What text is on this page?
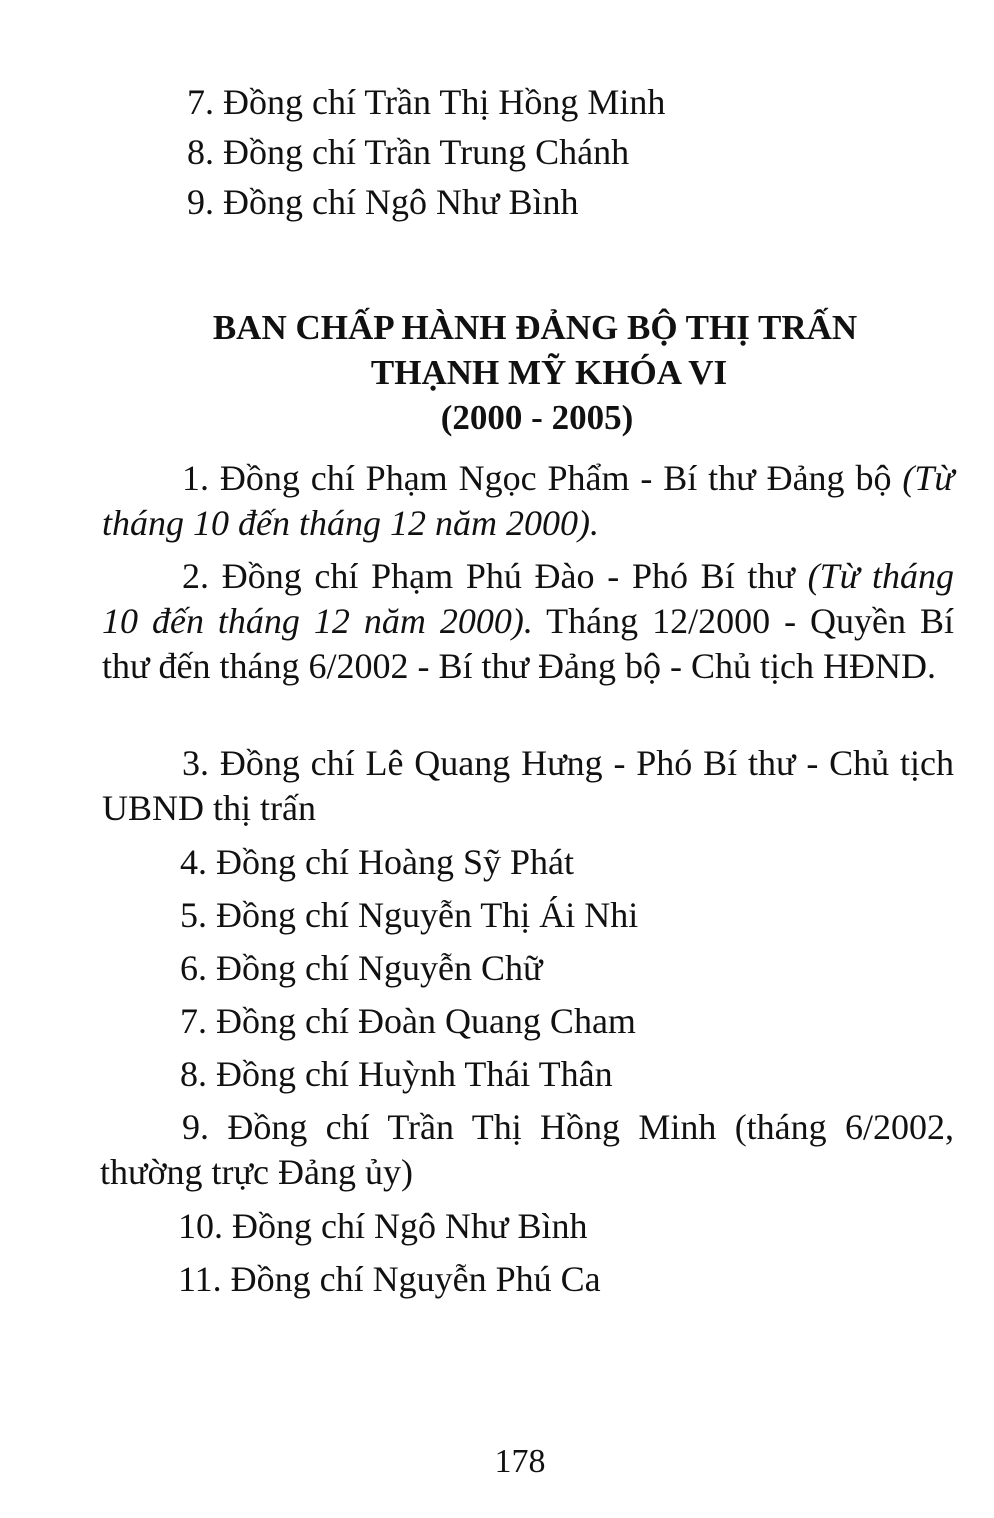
7. Đồng chí Trần Thị Hồng Minh

8. Đồng chí Trần Trung Chánh

9. Đồng chí Ngô Như Bình

BAN CHẤP HÀNH ĐẢNG BỘ THỊ TRẤN
THẠNH MỸ KHÓA VI
(2000 - 2005)

1. Đồng chí Phạm Ngọc Phẩm - Bí thư Đảng bộ (Từ tháng 10 đến tháng 12 năm 2000).

2. Đồng chí Phạm Phú Đào - Phó Bí thư (Từ tháng 10 đến tháng 12 năm 2000). Tháng 12/2000 - Quyền Bí thư đến tháng 6/2002 - Bí thư Đảng bộ - Chủ tịch HĐND.

3. Đồng chí Lê Quang Hưng - Phó Bí thư - Chủ tịch UBND thị trấn

4. Đồng chí Hoàng Sỹ Phát

5. Đồng chí Nguyễn Thị Ái Nhi

6. Đồng chí Nguyễn Chữ

7. Đồng chí Đoàn Quang Cham

8. Đồng chí Huỳnh Thái Thân

9. Đồng chí Trần Thị Hồng Minh (tháng 6/2002, thường trực Đảng ủy)

10. Đồng chí Ngô Như Bình

11. Đồng chí Nguyễn Phú Ca

178
